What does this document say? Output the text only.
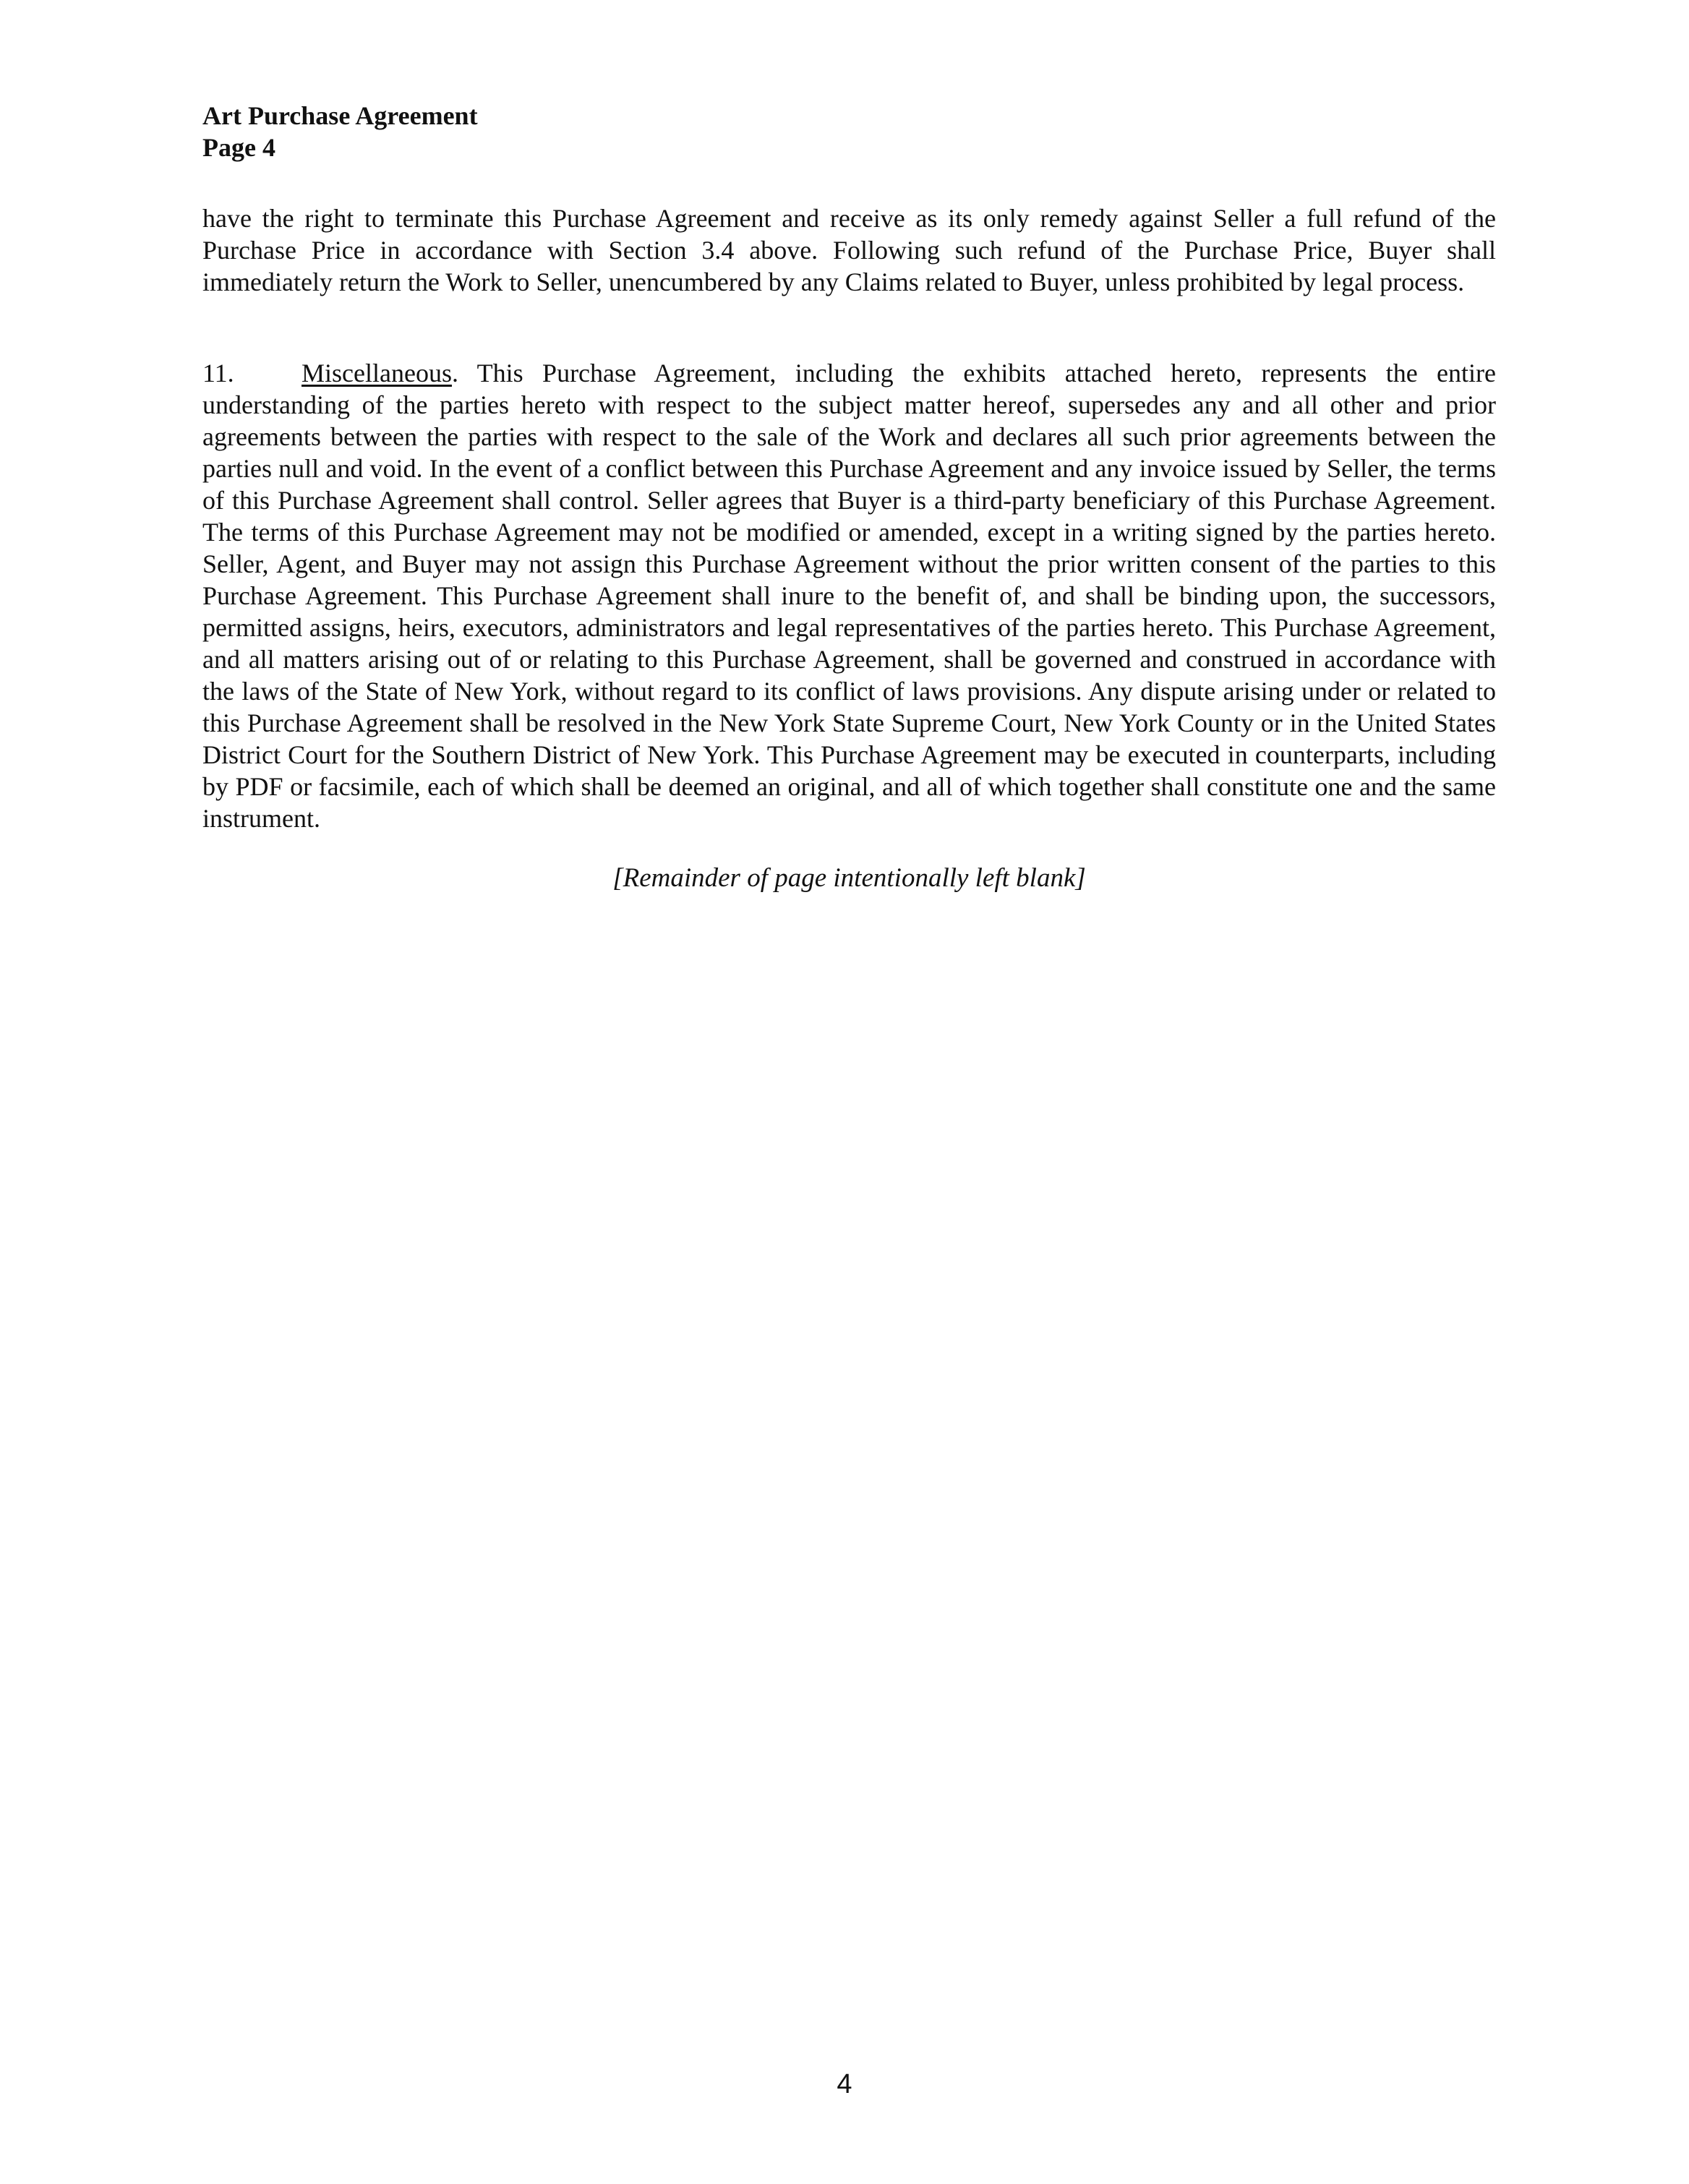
Art Purchase Agreement
Page 4

have the right to terminate this Purchase Agreement and receive as its only remedy against Seller a full refund of the Purchase Price in accordance with Section 3.4 above. Following such refund of the Purchase Price, Buyer shall immediately return the Work to Seller, unencumbered by any Claims related to Buyer, unless prohibited by legal process.

11.	Miscellaneous. This Purchase Agreement, including the exhibits attached hereto, represents the entire understanding of the parties hereto with respect to the subject matter hereof, supersedes any and all other and prior agreements between the parties with respect to the sale of the Work and declares all such prior agreements between the parties null and void. In the event of a conflict between this Purchase Agreement and any invoice issued by Seller, the terms of this Purchase Agreement shall control. Seller agrees that Buyer is a third-party beneficiary of this Purchase Agreement. The terms of this Purchase Agreement may not be modified or amended, except in a writing signed by the parties hereto. Seller, Agent, and Buyer may not assign this Purchase Agreement without the prior written consent of the parties to this Purchase Agreement. This Purchase Agreement shall inure to the benefit of, and shall be binding upon, the successors, permitted assigns, heirs, executors, administrators and legal representatives of the parties hereto. This Purchase Agreement, and all matters arising out of or relating to this Purchase Agreement, shall be governed and construed in accordance with the laws of the State of New York, without regard to its conflict of laws provisions. Any dispute arising under or related to this Purchase Agreement shall be resolved in the New York State Supreme Court, New York County or in the United States District Court for the Southern District of New York. This Purchase Agreement may be executed in counterparts, including by PDF or facsimile, each of which shall be deemed an original, and all of which together shall constitute one and the same instrument.

[Remainder of page intentionally left blank]

4
